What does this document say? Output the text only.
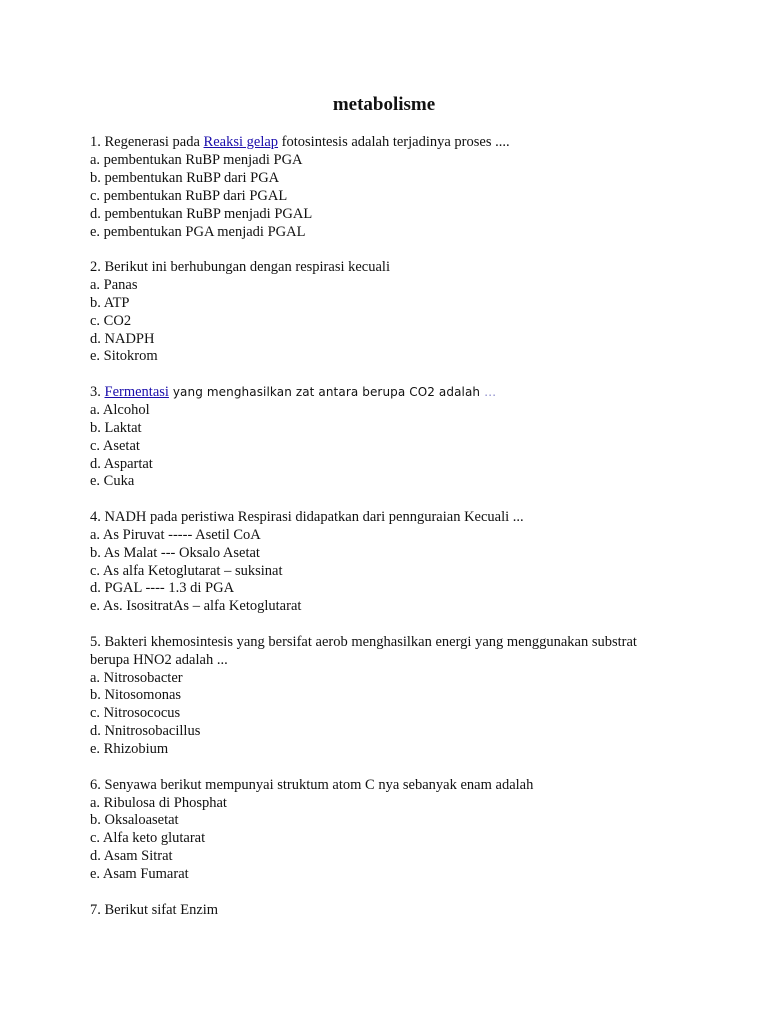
metabolisme
1. Regenerasi pada Reaksi gelap fotosintesis adalah terjadinya proses ....
a. pembentukan RuBP menjadi PGA
b. pembentukan RuBP dari PGA
c. pembentukan RuBP dari PGAL
d. pembentukan RuBP menjadi PGAL
e. pembentukan PGA menjadi PGAL
2. Berikut ini berhubungan dengan respirasi kecuali
a. Panas
b. ATP
c. CO2
d. NADPH
e. Sitokrom
3. Fermentasi yang menghasilkan zat antara berupa CO2 adalah …
a. Alcohol
b. Laktat
c. Asetat
d. Aspartat
e. Cuka
4. NADH pada peristiwa Respirasi didapatkan dari pennguraian Kecuali ...
a. As Piruvat ----- Asetil CoA
b. As Malat --- Oksalo Asetat
c. As alfa Ketoglutarat – suksinat
d. PGAL ---- 1.3 di PGA
e. As. IsositratAs – alfa Ketoglutarat
5. Bakteri khemosintesis yang bersifat aerob menghasilkan energi yang menggunakan substrat
berupa HNO2 adalah ...
a. Nitrosobacter
b. Nitosomonas
c. Nitrosococus
d. Nnitrosobacillus
e. Rhizobium
6. Senyawa berikut mempunyai struktum atom C nya sebanyak enam adalah
a. Ribulosa di Phosphat
b. Oksaloasetat
c. Alfa keto glutarat
d. Asam Sitrat
e. Asam Fumarat
7. Berikut sifat Enzim
